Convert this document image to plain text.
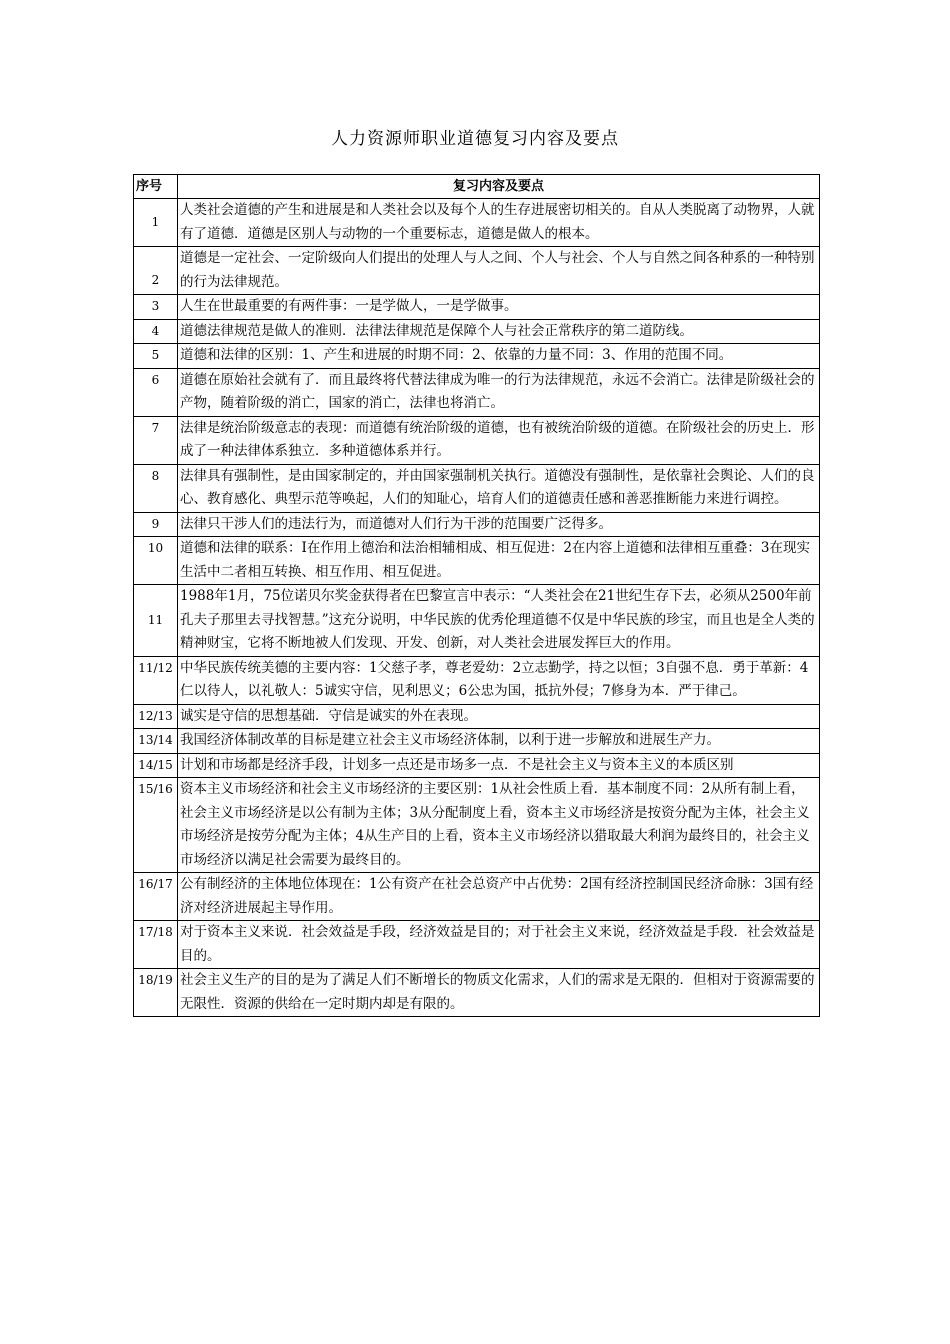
人力资源师职业道德复习内容及要点
序号	复习内容及要点
1	人类社会道德的产生和进展是和人类社会以及每个人的生存进展密切相关的。自从人类脱离了动物界，人就有了道德．道德是区别人与动物的一个重要标志，道德是做人的根本。
2	道德是一定社会、一定阶级向人们提出的处理人与人之间、个人与社会、个人与自然之间各种系的一种特别的行为法律规范。
3	人生在世最重要的有两件事：一是学做人，一是学做事。
4	道德法律规范是做人的准则．法律法律规范是保障个人与社会正常秩序的第二道防线。
5	道德和法律的区别：1、产生和进展的时期不同：2、依靠的力量不同：3、作用的范围不同。
6	道德在原始社会就有了．而且最终将代替法律成为唯一的行为法律规范，永远不会消亡。法律是阶级社会的产物，随着阶级的消亡，国家的消亡，法律也将消亡。
7	法律是统治阶级意志的表现：而道德有统治阶级的道德，也有被统治阶级的道德。在阶级社会的历史上．形成了一种法律体系独立．多种道德体系并行。
8	法律具有强制性，是由国家制定的，并由国家强制机关执行。道德没有强制性，是依靠社会舆论、人们的良心、教育感化、典型示范等唤起，人们的知耻心，培育人们的道德责任感和善恶推断能力来进行调控。
9	法律只干涉人们的违法行为，而道德对人们行为干涉的范围要广泛得多。
10	道德和法律的联系：I在作用上德治和法治相辅相成、相互促进：2在内容上道德和法律相互重叠：3在现实生活中二者相互转换、相互作用、相互促进。
11	1988年1月，75位诺贝尔奖金获得者在巴黎宣言中表示：“人类社会在21世纪生存下去，必须从2500年前孔夫子那里去寻找智慧。”这充分说明，中华民族的优秀伦理道德不仅是中华民族的珍宝，而且也是全人类的精神财宝，它将不断地被人们发现、开发、创新，对人类社会进展发挥巨大的作用。
11/12	中华民族传统美德的主要内容：1父慈子孝，尊老爱幼：2立志勤学，持之以恒；3自强不息．勇于革新：4仁以待人，以礼敬人：5诚实守信，见利思义；6公忠为国，抵抗外侵；7修身为本．严于律己。
12/13	诚实是守信的思想基础．守信是诚实的外在表现。
13/14	我国经济体制改革的目标是建立社会主义市场经济体制，以利于进一步解放和进展生产力。
14/15	计划和市场都是经济手段，计划多一点还是市场多一点．不是社会主义与资本主义的本质区别
15/16	资本主义市场经济和社会主义市场经济的主要区别：1从社会性质上看．基本制度不同：2从所有制上看，社会主义市场经济是以公有制为主体；3从分配制度上看，资本主义市场经济是按资分配为主体，社会主义市场经济是按劳分配为主体；4从生产目的上看，资本主义市场经济以猎取最大利润为最终目的，社会主义市场经济以满足社会需要为最终目的。
16/17	公有制经济的主体地位体现在：1公有资产在社会总资产中占优势：2国有经济控制国民经济命脉：3国有经济对经济进展起主导作用。
17/18	对于资本主义来说．社会效益是手段，经济效益是目的；对于社会主义来说，经济效益是手段．社会效益是目的。
18/19	社会主义生产的目的是为了满足人们不断增长的物质文化需求，人们的需求是无限的．但相对于资源需要的无限性．资源的供给在一定时期内却是有限的。
